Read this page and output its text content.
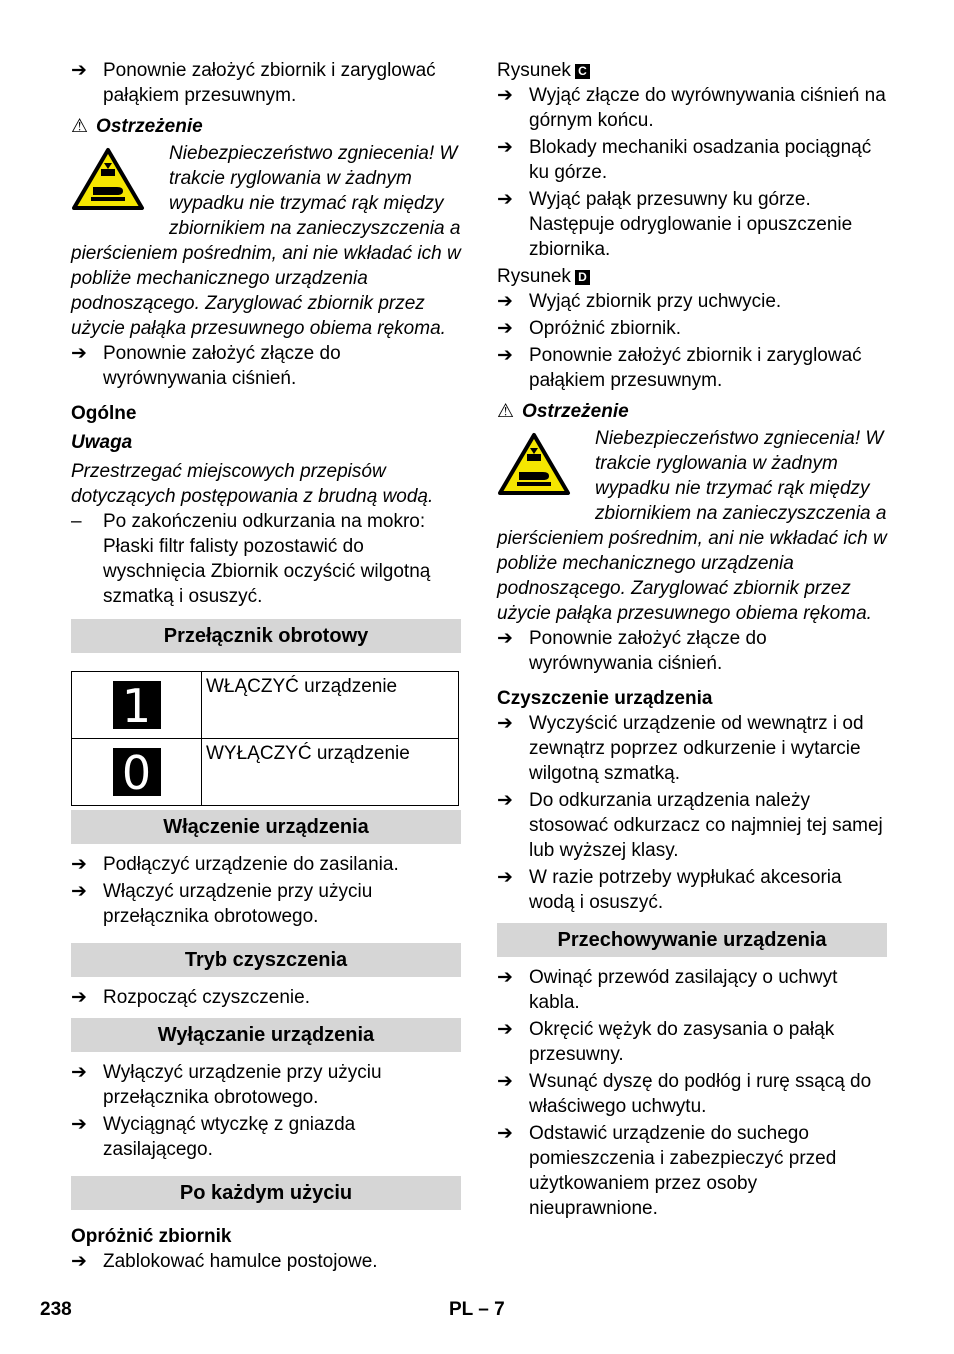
➔ Ponownie założyć zbiornik i zaryglować pałąkiem przesuwnym.
⚠ Ostrzeżenie
Niebezpieczeństwo zgniecenia! W trakcie ryglowania w żadnym wypadku nie trzymać rąk między zbiornikiem na zanieczyszczenia a pierścieniem pośrednim, ani nie wkładać ich w pobliże mechanicznego urządzenia podnoszącego. Zaryglować zbiornik przez użycie pałąka przesuwnego obiema rękoma.
➔ Ponownie założyć złącze do wyrównywania ciśnień.
Ogólne
Uwaga
Przestrzegać miejscowych przepisów dotyczących postępowania z brudną wodą.
– Po zakończeniu odkurzania na mokro: Płaski filtr falisty pozostawić do wyschnięcia Zbiornik oczyścić wilgotną szmatką i osuszyć.
Przełącznik obrotowy
1	WŁĄCZYĆ urządzenie
0	WYŁĄCZYĆ urządzenie
Włączenie urządzenia
➔ Podłączyć urządzenie do zasilania.
➔ Włączyć urządzenie przy użyciu przełącznika obrotowego.
Tryb czyszczenia
➔ Rozpocząć czyszczenie.
Wyłączanie urządzenia
➔ Wyłączyć urządzenie przy użyciu przełącznika obrotowego.
➔ Wyciągnąć wtyczkę z gniazda zasilającego.
Po każdym użyciu
Opróżnić zbiornik
➔ Zablokować hamulce postojowe.
Rysunek C
➔ Wyjąć złącze do wyrównywania ciśnień na górnym końcu.
➔ Blokady mechaniki osadzania pociągnąć ku górze.
➔ Wyjąć pałąk przesuwny ku górze. Następuje odryglowanie i opuszczenie zbiornika.
Rysunek D
➔ Wyjąć zbiornik przy uchwycie.
➔ Opróżnić zbiornik.
➔ Ponownie założyć zbiornik i zaryglować pałąkiem przesuwnym.
⚠ Ostrzeżenie
Niebezpieczeństwo zgniecenia! W trakcie ryglowania w żadnym wypadku nie trzymać rąk między zbiornikiem na zanieczyszczenia a pierścieniem pośrednim, ani nie wkładać ich w pobliże mechanicznego urządzenia podnoszącego. Zaryglować zbiornik przez użycie pałąka przesuwnego obiema rękoma.
➔ Ponownie założyć złącze do wyrównywania ciśnień.
Czyszczenie urządzenia
➔ Wyczyścić urządzenie od wewnątrz i od zewnątrz poprzez odkurzenie i wytarcie wilgotną szmatką.
➔ Do odkurzania urządzenia należy stosować odkurzacz co najmniej tej samej lub wyższej klasy.
➔ W razie potrzeby wypłukać akcesoria wodą i osuszyć.
Przechowywanie urządzenia
➔ Owinąć przewód zasilający o uchwyt kabla.
➔ Okręcić wężyk do zasysania o pałąk przesuwny.
➔ Wsunąć dyszę do podłóg i rurę ssącą do właściwego uchwytu.
➔ Odstawić urządzenie do suchego pomieszczenia i zabezpieczyć przed użytkowaniem przez osoby nieuprawnione.
238	PL – 7
